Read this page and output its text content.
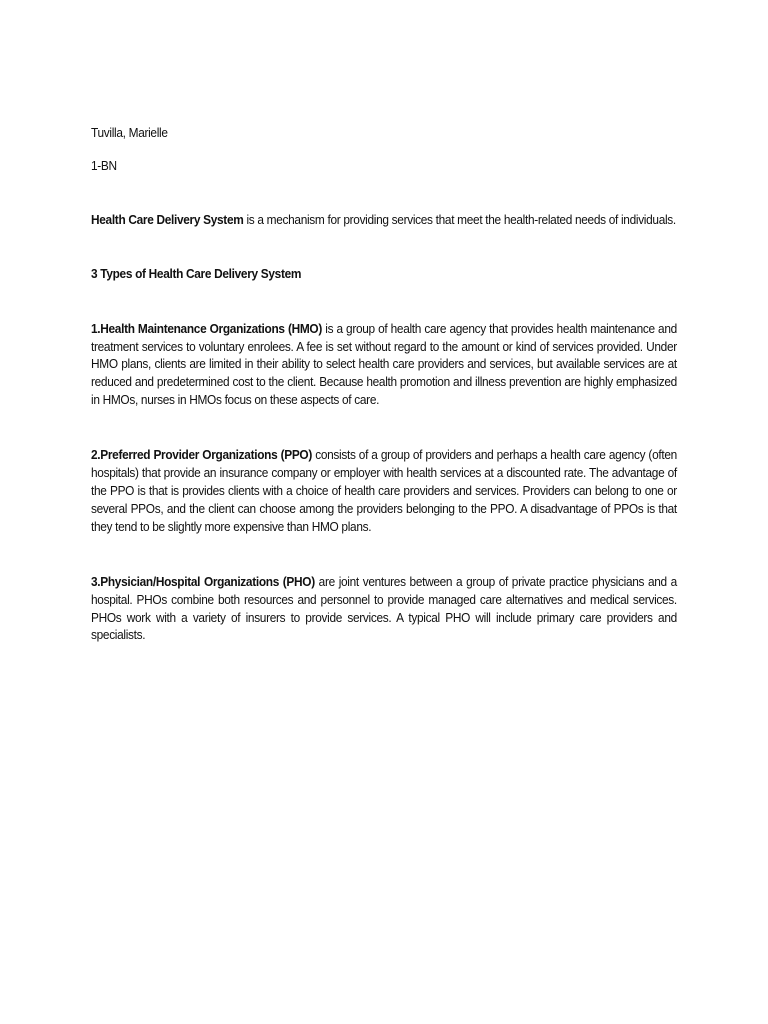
Tuvilla, Marielle

1-BN

Health Care Delivery System is a mechanism for providing services that meet the health-related needs of individuals.

3 Types of Health Care Delivery System

1.Health Maintenance Organizations (HMO) is a group of health care agency that provides health maintenance and treatment services to voluntary enrolees. A fee is set without regard to the amount or kind of services provided. Under HMO plans, clients are limited in their ability to select health care providers and services, but available services are at reduced and predetermined cost to the client. Because health promotion and illness prevention are highly emphasized in HMOs, nurses in HMOs focus on these aspects of care.

2.Preferred Provider Organizations (PPO) consists of a group of providers and perhaps a health care agency (often hospitals) that provide an insurance company or employer with health services at a discounted rate. The advantage of the PPO is that is provides clients with a choice of health care providers and services. Providers can belong to one or several PPOs, and the client can choose among the providers belonging to the PPO. A disadvantage of PPOs is that they tend to be slightly more expensive than HMO plans.

3.Physician/Hospital Organizations (PHO) are joint ventures between a group of private practice physicians and a hospital. PHOs combine both resources and personnel to provide managed care alternatives and medical services. PHOs work with a variety of insurers to provide services. A typical PHO will include primary care providers and specialists.
